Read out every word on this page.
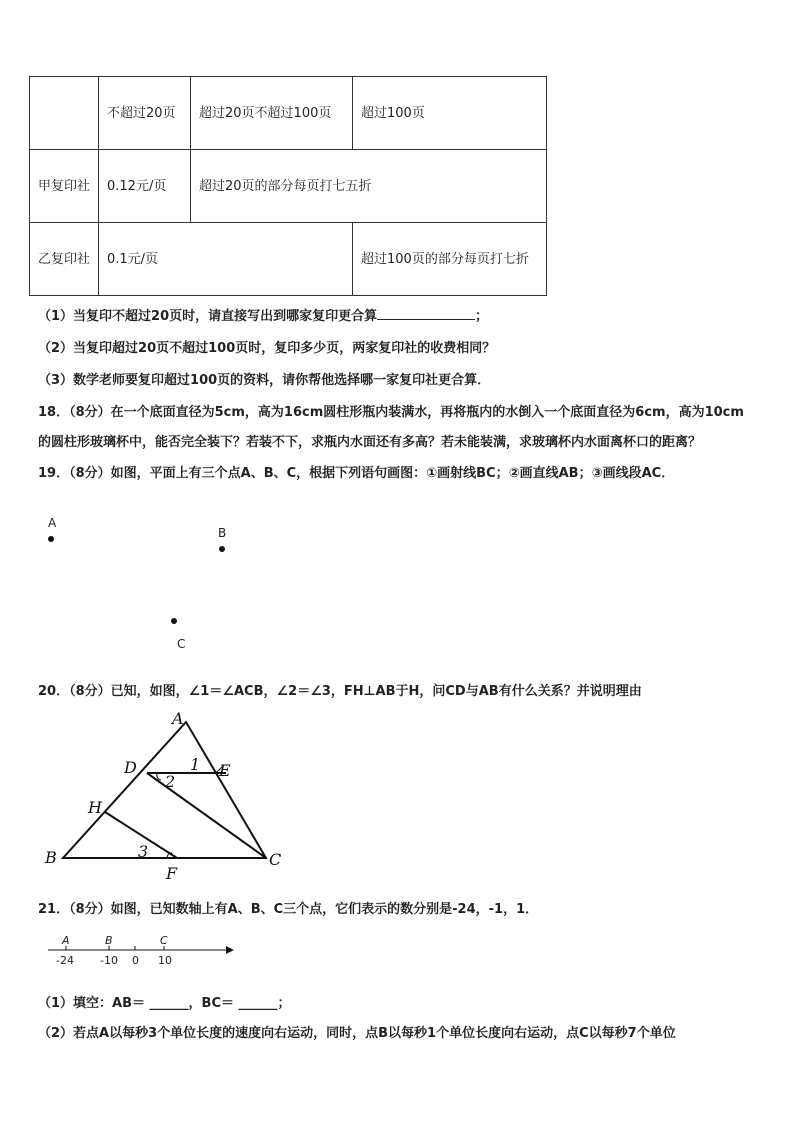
	不超过20页	超过20页不超过100页	超过100页
甲复印社	0.12元/页	超过20页的部分每页打七五折	
乙复印社	0.1元/页		超过100页的部分每页打七折
（1）当复印不超过20页时，请直接写出到哪家复印更合算	；
（2）当复印超过20页不超过100页时，复印多少页，两家复印社的收费相同？
（3）数学老师要复印超过100页的资料，请你帮他选择哪一家复印社更合算．
18．（8分）在一个底面直径为5cm，高为16cm圆柱形瓶内装满水，再将瓶内的水倒入一个底面直径为6cm，高为10cm
的圆柱形玻璃杯中，能否完全装下？若装不下，求瓶内水面还有多高？若未能装满，求玻璃杯内水面离杯口的距离？
19．（8分）如图，平面上有三个点A、B、C，根据下列语句画图：①画射线BC；②画直线AB；③画线段AC．
A
B
C
20．（8分）已知，如图，∠1＝∠ACB，∠2＝∠3，FH⊥AB于H，问CD与AB有什么关系？并说明理由
A
D	E
H
B	C
F
1
2
3
21．（8分）如图，已知数轴上有A、B、C三个点，它们表示的数分别是-24，-1，1．
A	B	C
-24 -10 0 10
（1）填空：AB＝ ______，BC＝ ______；
（2）若点A以每秒3个单位长度的速度向右运动，同时，点B以每秒1个单位长度向右运动，点C以每秒7个单位
